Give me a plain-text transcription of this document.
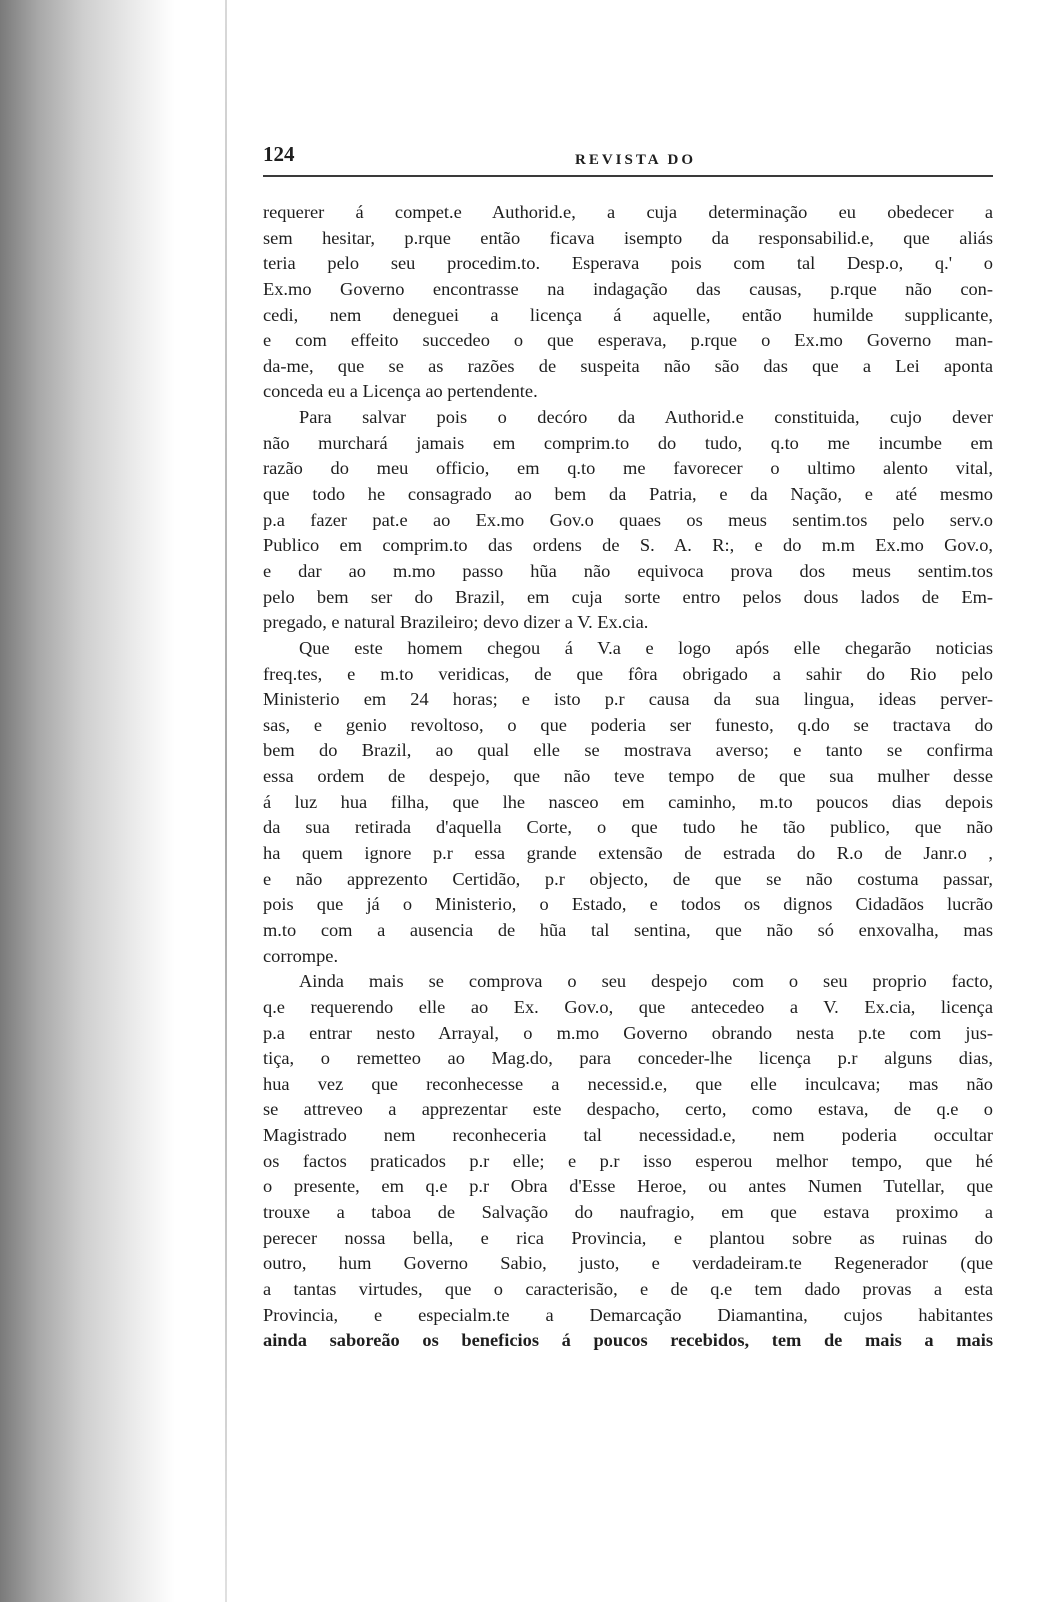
124	REVISTA DO
requerer á compet.e Authorid.e, a cuja determinação eu obedecer a
sem hesitar, p.rque então ficava isempto da responsabilid.e, que aliás
teria pelo seu procedim.to. Esperava pois com tal Desp.o, q.' o
Ex.mo Governo encontrasse na indagação das causas, p.rque não con-
cedi, nem deneguei a licença á aquelle, então humilde supplicante,
e com effeito succedeo o que esperava, p.rque o Ex.mo Governo man-
da-me, que se as razões de suspeita não são das que a Lei aponta
conceda eu a Licença ao pertendente.
Para salvar pois o decóro da Authorid.e constituida, cujo dever
não murchará jamais em comprim.to do tudo, q.to me incumbe em
razão do meu officio, em q.to me favorecer o ultimo alento vital,
que todo he consagrado ao bem da Patria, e da Nação, e até mesmo
p.a fazer pat.e ao Ex.mo Gov.o quaes os meus sentim.tos pelo serv.o
Publico em comprim.to das ordens de S. A. R:, e do m.m Ex.mo Gov.o,
e dar ao m.mo passo hũa não equivoca prova dos meus sentim.tos
pelo bem ser do Brazil, em cuja sorte entro pelos dous lados de Em-
pregado, e natural Brazileiro; devo dizer a V. Ex.cia.
Que este homem chegou á V.a e logo após elle chegarão noticias
freq.tes, e m.to veridicas, de que fôra obrigado a sahir do Rio pelo
Ministerio em 24 horas; e isto p.r causa da sua lingua, ideas perver-
sas, e genio revoltoso, o que poderia ser funesto, q.do se tractava do
bem do Brazil, ao qual elle se mostrava averso; e tanto se confirma
essa ordem de despejo, que não teve tempo de que sua mulher desse
á luz hua filha, que lhe nasceo em caminho, m.to poucos dias depois
da sua retirada d'aquella Corte, o que tudo he tão publico, que não
ha quem ignore p.r essa grande extensão de estrada do R.o de Janr.o ,
e não apprezento Certidão, p.r objecto, de que se não costuma passar,
pois que já o Ministerio, o Estado, e todos os dignos Cidadãos lucrão
m.to com a ausencia de hũa tal sentina, que não só enxovalha, mas
corrompe.
Ainda mais se comprova o seu despejo com o seu proprio facto,
q.e requerendo elle ao Ex. Gov.o, que antecedeo a V. Ex.cia, licença
p.a entrar nesto Arrayal, o m.mo Governo obrando nesta p.te com jus-
tiça, o remetteo ao Mag.do, para conceder-lhe licença p.r alguns dias,
hua vez que reconhecesse a necessid.e, que elle inculcava; mas não
se attreveo a apprezentar este despacho, certo, como estava, de q.e o
Magistrado nem reconheceria tal necessidad.e, nem poderia occultar
os factos praticados p.r elle; e p.r isso esperou melhor tempo, que hé
o presente, em q.e p.r Obra d'Esse Heroe, ou antes Numen Tutellar, que
trouxe a taboa de Salvação do naufragio, em que estava proximo a
perecer nossa bella, e rica Provincia, e plantou sobre as ruinas do
outro, hum Governo Sabio, justo, e verdadeiram.te Regenerador (que
a tantas virtudes, que o caracterisão, e de q.e tem dado provas a esta
Provincia, e especialm.te a Demarcação Diamantina, cujos habitantes
ainda saboreão os beneficios á poucos recebidos, tem de mais a mais
